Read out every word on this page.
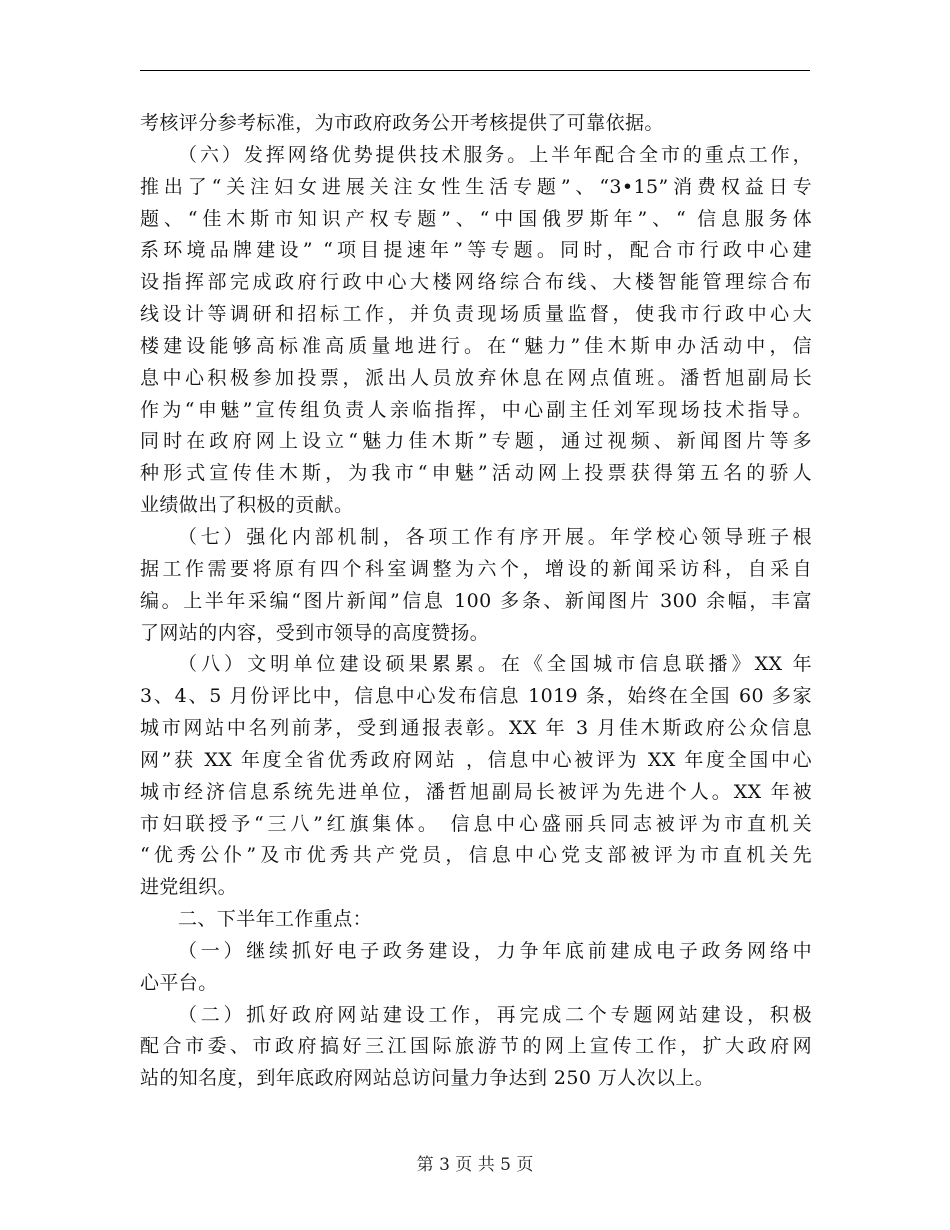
考核评分参考标准，为市政府政务公开考核提供了可靠依据。
（六）发挥网络优势提供技术服务。上半年配合全市的重点工作，
推出了“关注妇女进展关注女性生活专题”、“3•15”消费权益日专
题、“佳木斯市知识产权专题”、“中国俄罗斯年”、“ 信息服务体
系环境品牌建设” “项目提速年”等专题。同时，配合市行政中心建
设指挥部完成政府行政中心大楼网络综合布线、大楼智能管理综合布
线设计等调研和招标工作，并负责现场质量监督，使我市行政中心大
楼建设能够高标准高质量地进行。在“魅力”佳木斯申办活动中，信
息中心积极参加投票，派出人员放弃休息在网点值班。潘哲旭副局长
作为“申魅”宣传组负责人亲临指挥，中心副主任刘军现场技术指导。
同时在政府网上设立“魅力佳木斯”专题，通过视频、新闻图片等多
种形式宣传佳木斯，为我市“申魅”活动网上投票获得第五名的骄人
业绩做出了积极的贡献。
（七）强化内部机制，各项工作有序开展。年学校心领导班子根
据工作需要将原有四个科室调整为六个，增设的新闻采访科，自采自
编。上半年采编“图片新闻”信息 100 多条、新闻图片 300 余幅，丰富
了网站的内容，受到市领导的高度赞扬。
（八）文明单位建设硕果累累。在《全国城市信息联播》XX 年
3、4、5 月份评比中，信息中心发布信息 1019 条，始终在全国 60 多家
城市网站中名列前茅，受到通报表彰。XX 年 3 月佳木斯政府公众信息
网”获 XX 年度全省优秀政府网站 ，信息中心被评为 XX 年度全国中心
城市经济信息系统先进单位，潘哲旭副局长被评为先进个人。XX 年被
市妇联授予“三八”红旗集体。 信息中心盛丽兵同志被评为市直机关
“优秀公仆”及市优秀共产党员，信息中心党支部被评为市直机关先
进党组织。
二、下半年工作重点：
（一）继续抓好电子政务建设，力争年底前建成电子政务网络中
心平台。
（二）抓好政府网站建设工作，再完成二个专题网站建设，积极
配合市委、市政府搞好三江国际旅游节的网上宣传工作，扩大政府网
站的知名度，到年底政府网站总访问量力争达到 250 万人次以上。
第 3 页 共 5 页
